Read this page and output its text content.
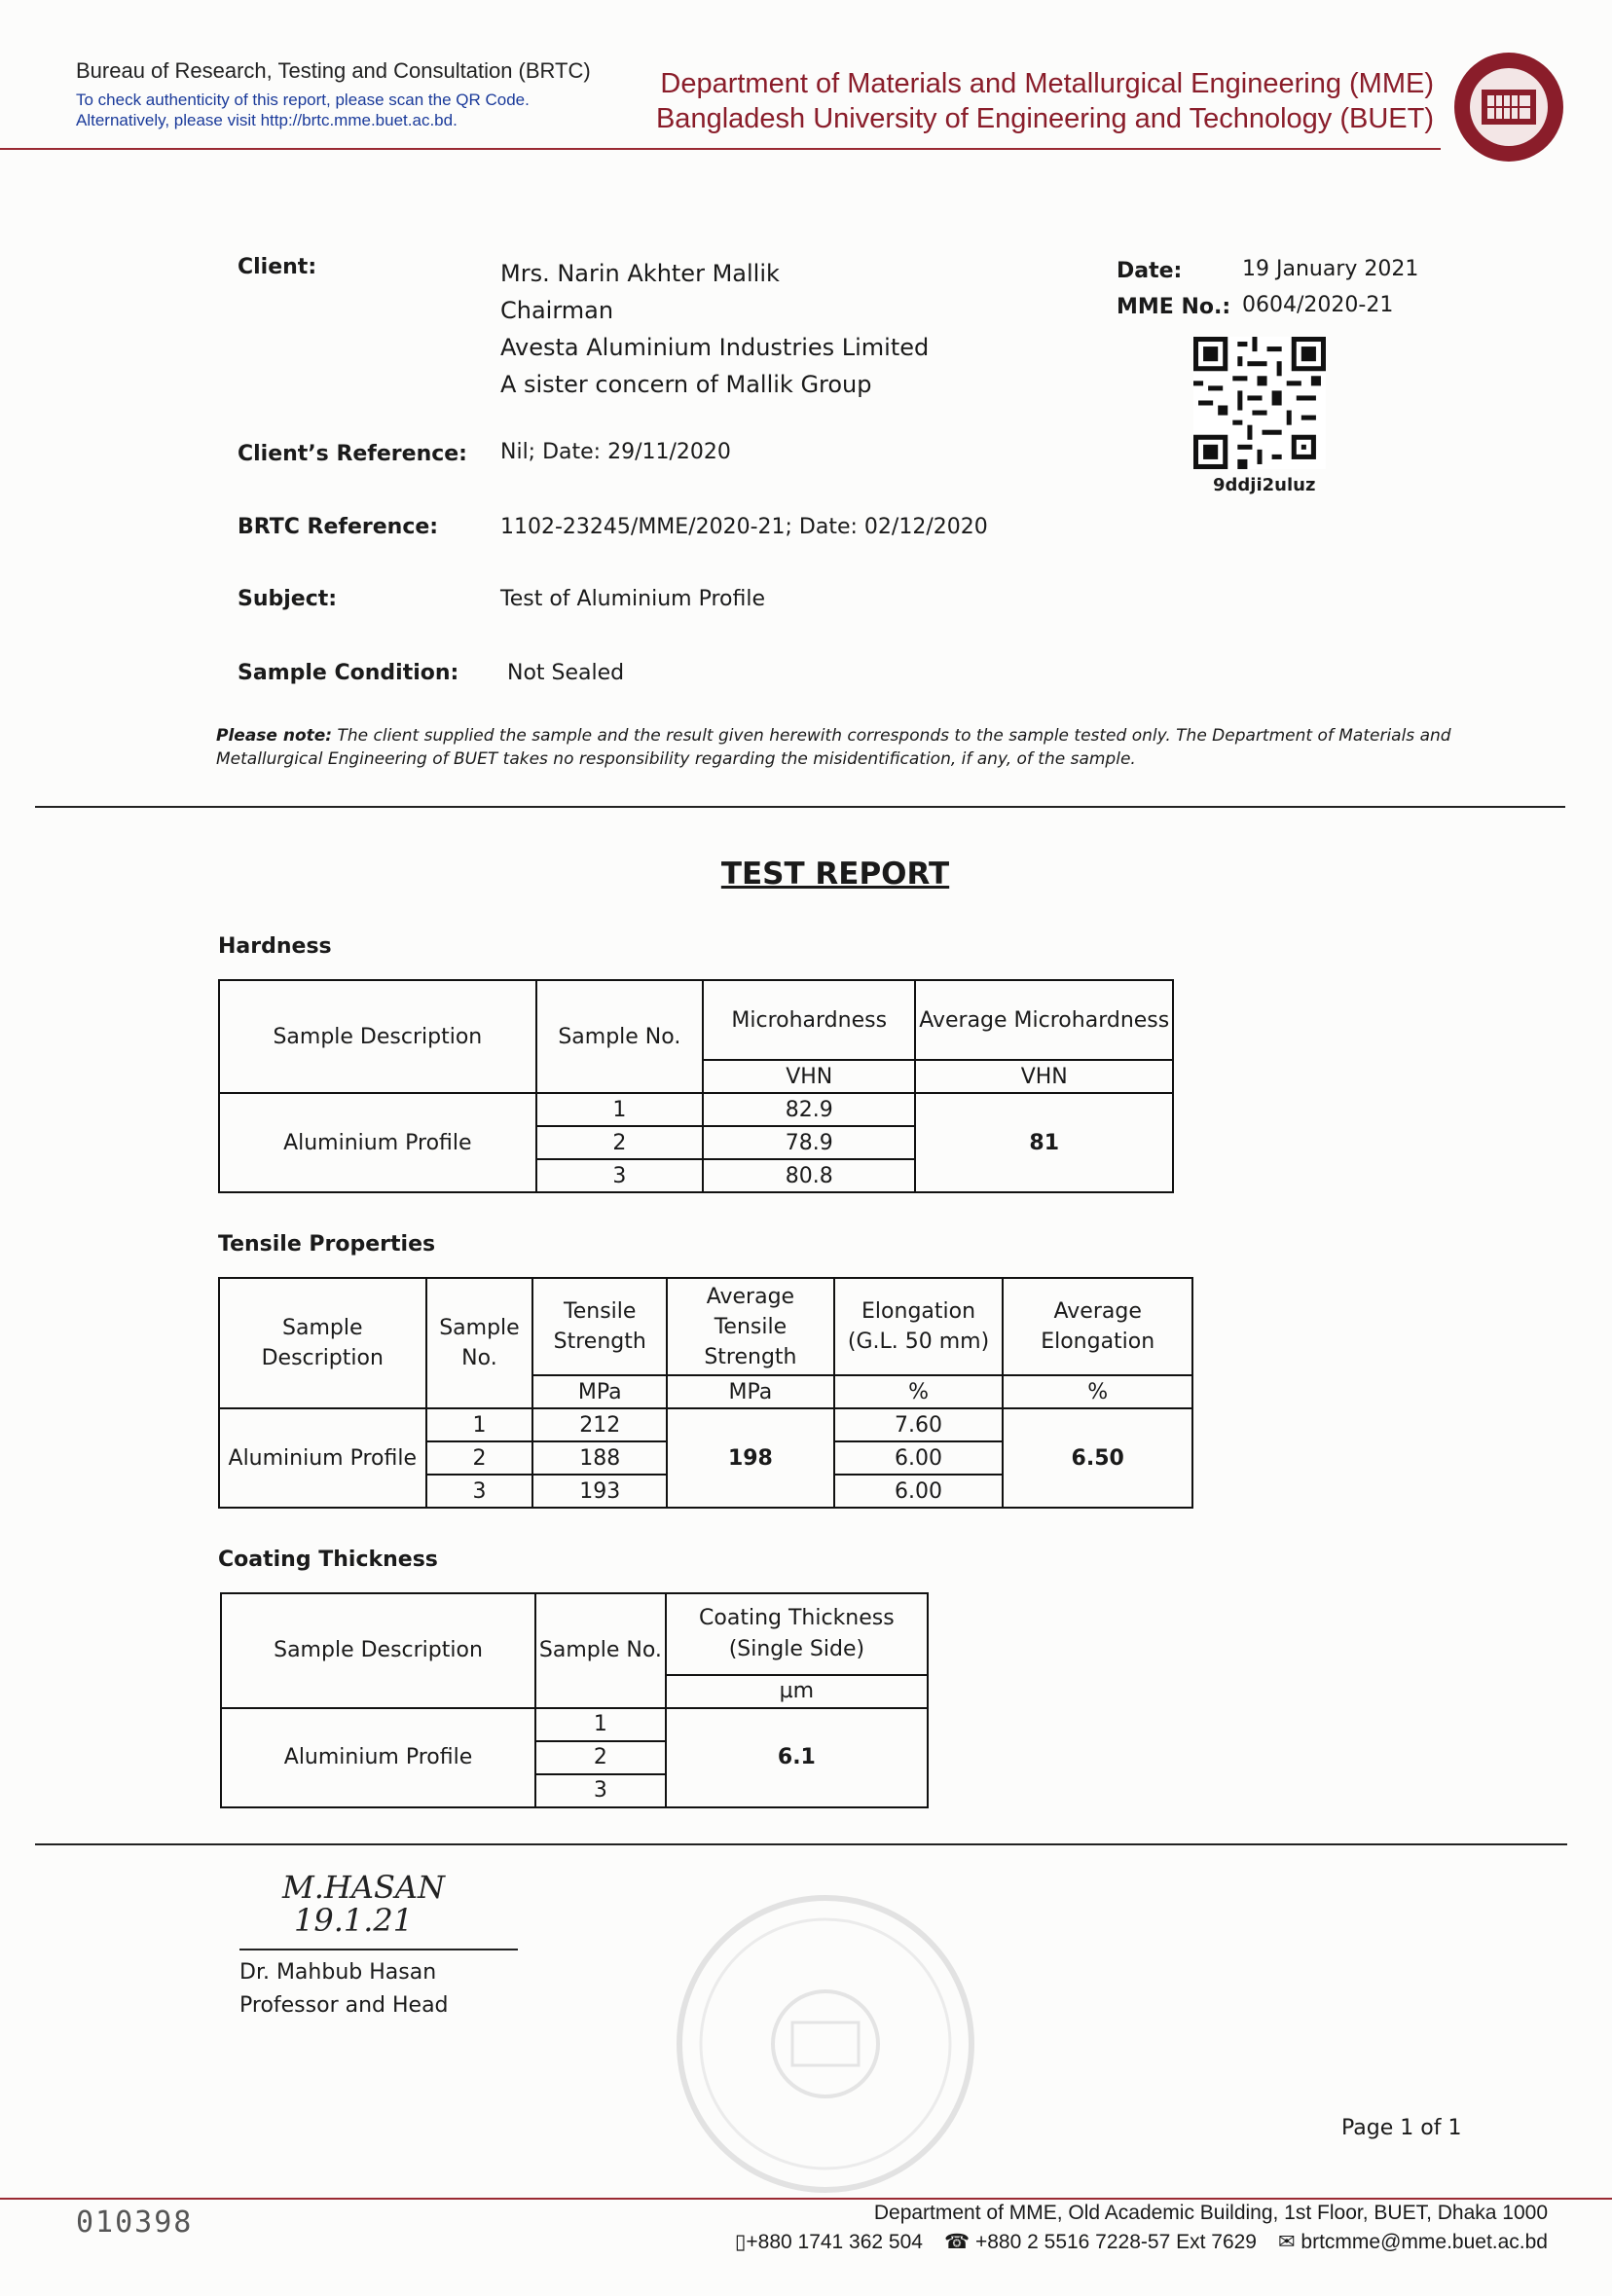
Bureau of Research, Testing and Consultation (BRTC)
To check authenticity of this report, please scan the QR Code.
Alternatively, please visit http://brtc.mme.buet.ac.bd.
Department of Materials and Metallurgical Engineering (MME)
Bangladesh University of Engineering and Technology (BUET)
Client:	Mrs. Narin Akhter Mallik
Chairman
Avesta Aluminium Industries Limited
A sister concern of Mallik Group
Date:	19 January 2021
MME No.: 0604/2020-21
9ddji2uluz
Client’s Reference: Nil; Date: 29/11/2020
BRTC Reference:	1102-23245/MME/2020-21; Date: 02/12/2020
Subject:	Test of Aluminium Profile
Sample Condition: Not Sealed
Please note: The client supplied the sample and the result given herewith corresponds to the sample tested only. The Department of Materials and Metallurgical Engineering of BUET takes no responsibility regarding the misidentification, if any, of the sample.
TEST REPORT
Hardness
Sample Description	Sample No.	Microhardness	Average Microhardness
		VHN	VHN
Aluminium Profile	1	82.9	81
	2	78.9	
	3	80.8	
Tensile Properties
Sample Description	Sample No.	Tensile Strength	Average Tensile Strength	Elongation (G.L. 50 mm)	Average Elongation
		MPa	MPa	%	%
Aluminium Profile	1	212	198	7.60	6.50
	2	188		6.00	
	3	193		6.00	
Coating Thickness
Sample Description	Sample No.	Coating Thickness (Single Side)
		µm
Aluminium Profile	1	6.1
	2	
	3	
M.HASAN
19.1.21
Dr. Mahbub Hasan
Professor and Head
Page 1 of 1
010398	Department of MME, Old Academic Building, 1st Floor, BUET, Dhaka 1000
▯+880 1741 362 504 ☎ +880 2 5516 7228-57 Ext 7629 ✉ brtcmme@mme.buet.ac.bd
